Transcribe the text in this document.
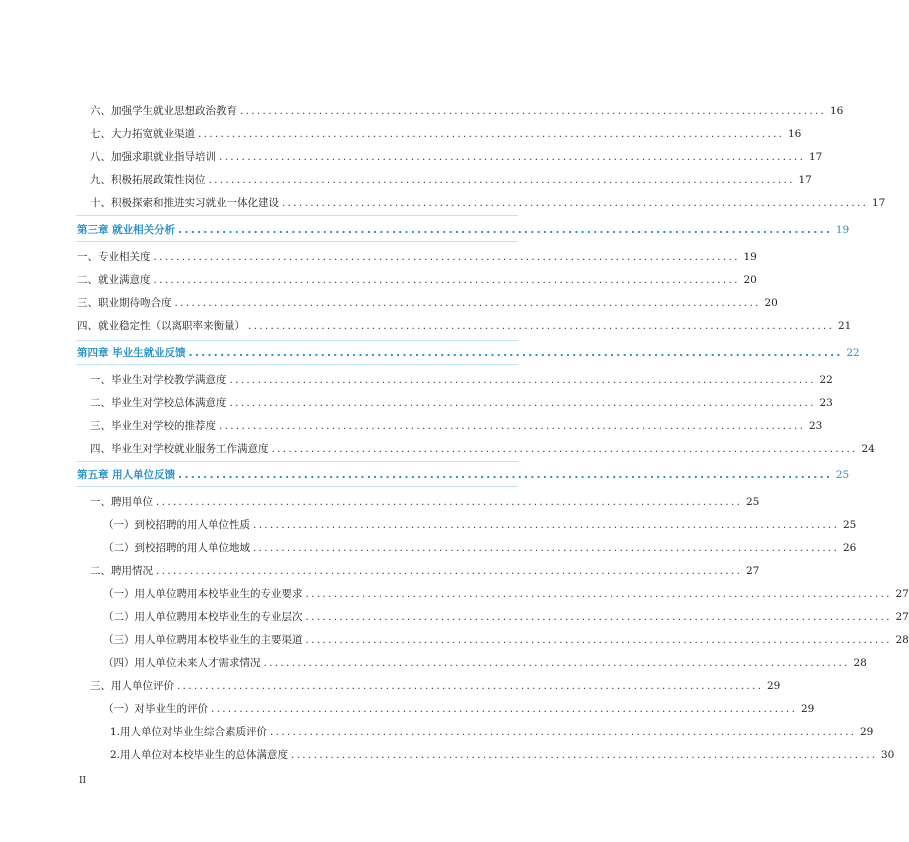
六、加强学生就业思想政治教育 ........................................................................................................ 16
七、大力拓宽就业渠道 ........................................................................................................ 16
八、加强求职就业指导培训 ........................................................................................................ 17
九、积极拓展政策性岗位 ........................................................................................................ 17
十、积极探索和推进实习就业一体化建设 ........................................................................................................ 17
第三章 就业相关分析 ........................................................................................................ 19
一、专业相关度 ........................................................................................................ 19
二、就业满意度 ........................................................................................................ 20
三、职业期待吻合度 ........................................................................................................ 20
四、就业稳定性（以离职率来衡量） ........................................................................................................ 21
第四章 毕业生就业反馈 ........................................................................................................ 22
一、毕业生对学校教学满意度 ........................................................................................................ 22
二、毕业生对学校总体满意度 ........................................................................................................ 23
三、毕业生对学校的推荐度 ........................................................................................................ 23
四、毕业生对学校就业服务工作满意度 ........................................................................................................ 24
第五章 用人单位反馈 ........................................................................................................ 25
一、聘用单位 ........................................................................................................ 25
（一）到校招聘的用人单位性质 ........................................................................................................ 25
（二）到校招聘的用人单位地域 ........................................................................................................ 26
二、聘用情况 ........................................................................................................ 27
（一）用人单位聘用本校毕业生的专业要求 ........................................................................................................ 27
（二）用人单位聘用本校毕业生的专业层次 ........................................................................................................ 27
（三）用人单位聘用本校毕业生的主要渠道 ........................................................................................................ 28
（四）用人单位未来人才需求情况 ........................................................................................................ 28
三、用人单位评价 ........................................................................................................ 29
（一）对毕业生的评价 ........................................................................................................ 29
1.用人单位对毕业生综合素质评价 ........................................................................................................ 29
2.用人单位对本校毕业生的总体满意度 ........................................................................................................ 30
II
